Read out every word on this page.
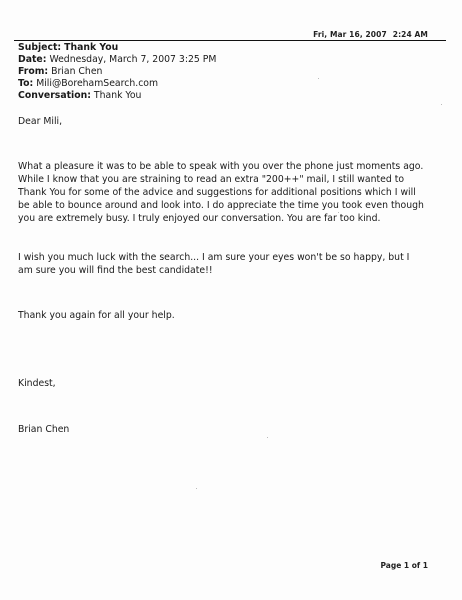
Fri, Mar 16, 2007 2:24 AM
Subject: Thank You
Date: Wednesday, March 7, 2007 3:25 PM
From: Brian Chen
To: Mili@BorehamSearch.com
Conversation: Thank You
Dear Mili,
What a pleasure it was to be able to speak with you over the phone just moments ago.
While I know that you are straining to read an extra "200++" mail, I still wanted to
Thank You for some of the advice and suggestions for additional positions which I will
be able to bounce around and look into. I do appreciate the time you took even though
you are extremely busy. I truly enjoyed our conversation. You are far too kind.
I wish you much luck with the search... I am sure your eyes won't be so happy, but I
am sure you will find the best candidate!!
Thank you again for all your help.
Kindest,
Brian Chen
Page 1 of 1
